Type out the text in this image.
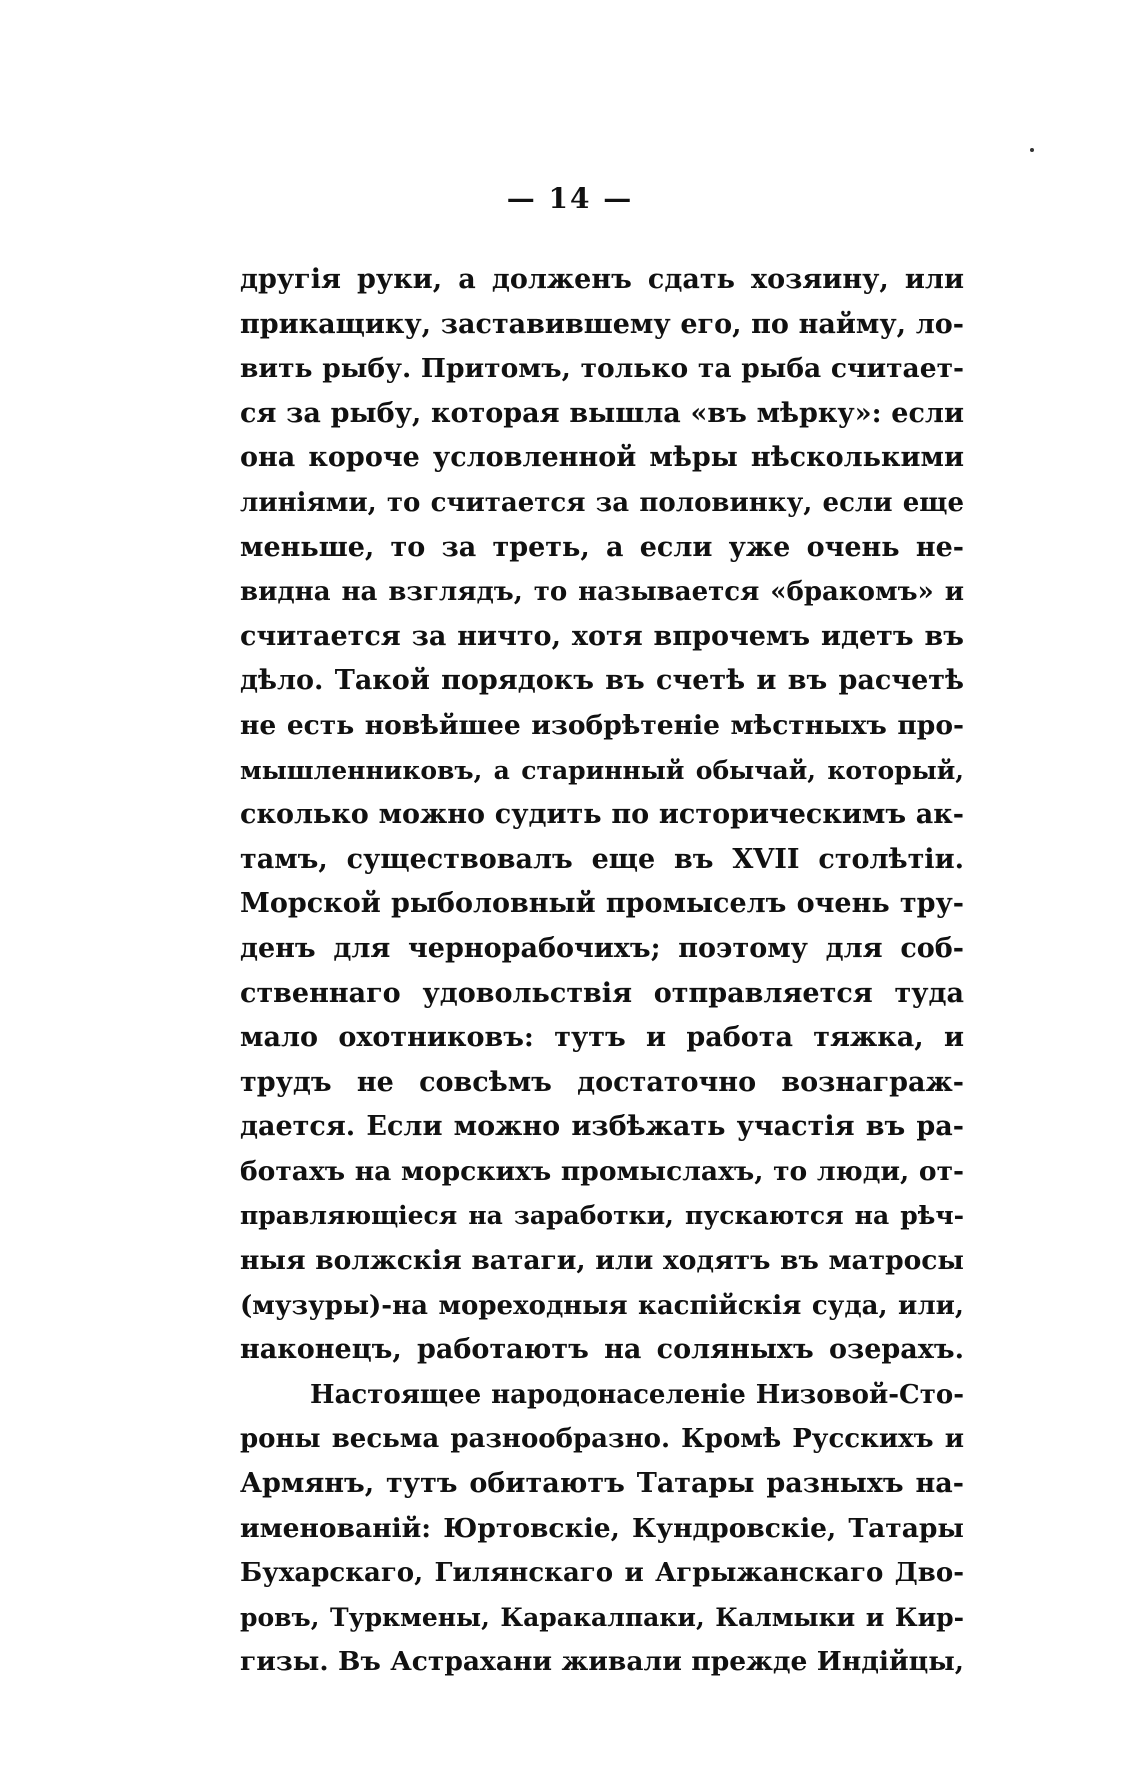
— 14 —
другія руки, а долженъ сдать хозяину, или
прикащику, заставившему его, по найму, ло-
вить рыбу. Притомъ, только та рыба считает-
ся за рыбу, которая вышла «въ мѣрку»: если
она короче условленной мѣры нѣсколькими
линіями, то считается за половинку, если еще
меньше, то за треть, а если уже очень не-
видна на взглядъ, то называется «бракомъ» и
считается за ничто, хотя впрочемъ идетъ въ
дѣло. Такой порядокъ въ счетѣ и въ расчетѣ
не есть новѣйшее изобрѣтеніе мѣстныхъ про-
мышленниковъ, а старинный обычай, который,
сколько можно судить по историческимъ ак-
тамъ, существовалъ еще въ XVII столѣтіи.
Морской рыболовный промыселъ очень тру-
денъ для чернорабочихъ; поэтому для соб-
ственнаго удовольствія отправляется туда
мало охотниковъ: тутъ и работа тяжка, и
трудъ не совсѣмъ достаточно вознаграж-
дается. Если можно избѣжать участія въ ра-
ботахъ на морскихъ промыслахъ, то люди, от-
правляющіеся на заработки, пускаются на рѣч-
ныя волжскія ватаги, или ходятъ въ матросы
(музуры)-на мореходныя каспійскія суда, или,
наконецъ, работаютъ на соляныхъ озерахъ.
Настоящее народонаселеніе Низовой-Сто-
роны весьма разнообразно. Кромѣ Русскихъ и
Армянъ, тутъ обитаютъ Татары разныхъ на-
именованій: Юртовскіе, Кундровскіе, Татары
Бухарскаго, Гилянскаго и Агрыжанскаго Дво-
ровъ, Туркмены, Каракалпаки, Калмыки и Кир-
гизы. Въ Астрахани живали прежде Индійцы,
